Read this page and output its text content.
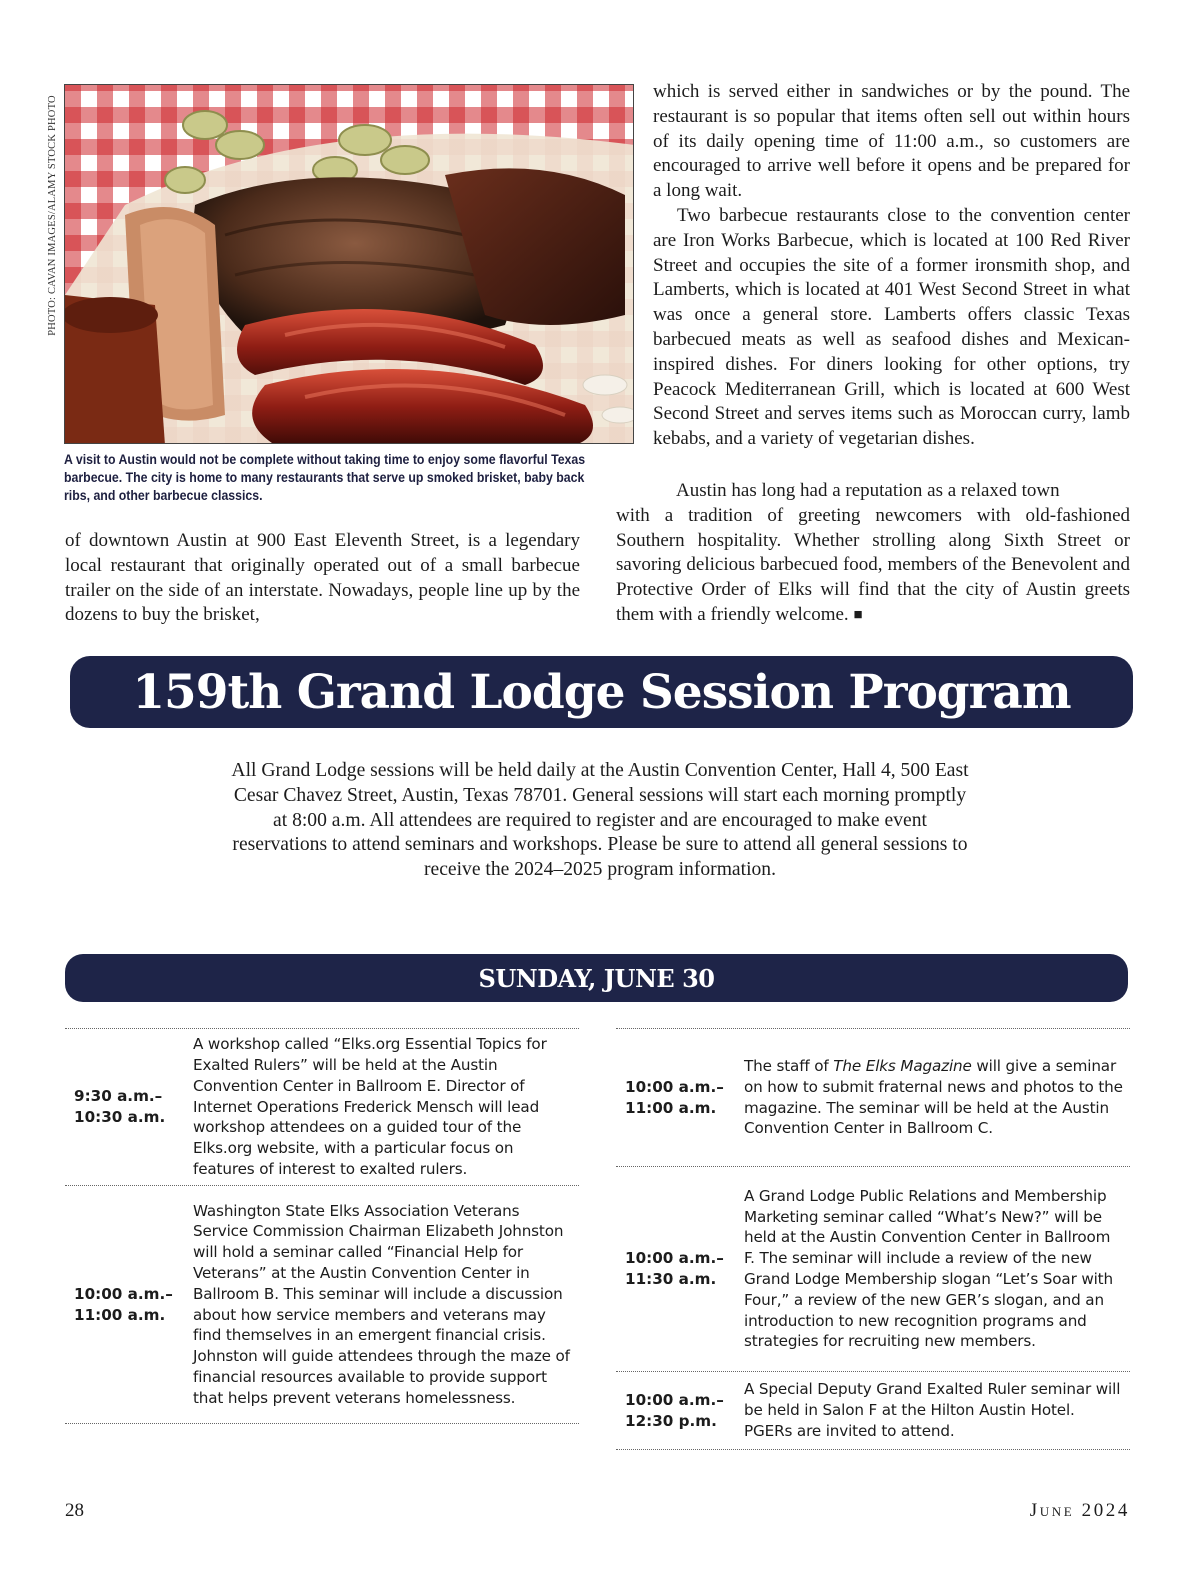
PHOTO: CAVAN IMAGES/ALAMY STOCK PHOTO
A visit to Austin would not be complete without taking time to enjoy some flavorful Texas barbecue. The city is home to many restaurants that serve up smoked brisket, baby back ribs, and other barbecue classics.

of downtown Austin at 900 East Eleventh Street, is a legendary local restaurant that originally operated out of a small barbecue trailer on the side of an interstate. Nowadays, people line up by the dozens to buy the brisket,

which is served either in sandwiches or by the pound. The restaurant is so popular that items often sell out within hours of its daily opening time of 11:00 a.m., so customers are encouraged to arrive well before it opens and be prepared for a long wait.

Two barbecue restaurants close to the convention center are Iron Works Barbecue, which is located at 100 Red River Street and occupies the site of a former ironsmith shop, and Lamberts, which is located at 401 West Second Street in what was once a general store. Lamberts offers classic Texas barbecued meats as well as seafood dishes and Mexican-inspired dishes. For diners looking for other options, try Peacock Mediterranean Grill, which is located at 600 West Second Street and serves items such as Moroccan curry, lamb kebabs, and a variety of vegetarian dishes.

Austin has long had a reputation as a relaxed town

with a tradition of greeting newcomers with old-fashioned Southern hospitality. Whether strolling along Sixth Street or savoring delicious barbecued food, members of the Benevolent and Protective Order of Elks will find that the city of Austin greets them with a friendly welcome. ■

159th Grand Lodge Session Program

All Grand Lodge sessions will be held daily at the Austin Convention Center, Hall 4, 500 East Cesar Chavez Street, Austin, Texas 78701. General sessions will start each morning promptly at 8:00 a.m. All attendees are required to register and are encouraged to make event reservations to attend seminars and workshops. Please be sure to attend all general sessions to receive the 2024–2025 program information.

SUNDAY, JUNE 30
9:30 a.m.– 10:30 a.m.
A workshop called “Elks.org Essential Topics for Exalted Rulers” will be held at the Austin Convention Center in Ballroom E. Director of Internet Operations Frederick Mensch will lead workshop attendees on a guided tour of the Elks.org website, with a particular focus on features of interest to exalted rulers.
10:00 a.m.– 11:00 a.m.
Washington State Elks Association Veterans Service Commission Chairman Elizabeth Johnston will hold a seminar called “Financial Help for Veterans” at the Austin Convention Center in Ballroom B. This seminar will include a discussion about how service members and veterans may find themselves in an emergent financial crisis. Johnston will guide attendees through the maze of financial resources available to provide support that helps prevent veterans homelessness.
10:00 a.m.– 11:00 a.m.
The staff of The Elks Magazine will give a seminar on how to submit fraternal news and photos to the magazine. The seminar will be held at the Austin Convention Center in Ballroom C.
10:00 a.m.– 11:30 a.m.
A Grand Lodge Public Relations and Membership Marketing seminar called “What’s New?” will be held at the Austin Convention Center in Ballroom F. The seminar will include a review of the new Grand Lodge Membership slogan “Let’s Soar with Four,” a review of the new GER’s slogan, and an introduction to new recognition programs and strategies for recruiting new members.
10:00 a.m.– 12:30 p.m.
A Special Deputy Grand Exalted Ruler seminar will be held in Salon F at the Hilton Austin Hotel. PGERs are invited to attend.
28	June 2024
